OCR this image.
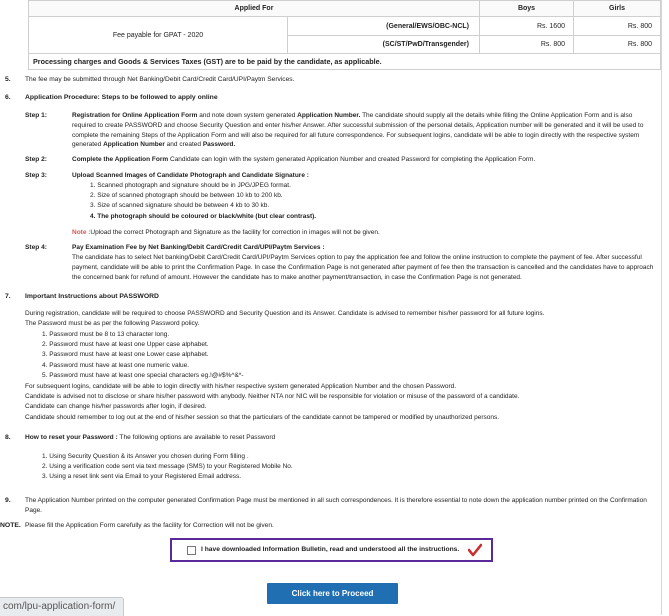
Applied For		Boys	Girls
Fee payable for GPAT - 2020	(General/EWS/OBC-NCL)	Rs. 1600	Rs. 800
	(SC/ST/PwD/Transgender)	Rs. 800	Rs. 800
Processing charges and Goods & Services Taxes (GST) are to be paid by the candidate, as applicable.			
5. The fee may be submitted through Net Banking/Debit Card/Credit Card/UPI/Paytm Services.
6. Application Procedure: Steps to be followed to apply online
Step 1:	Registration for Online Application Form and note down system generated Application Number. The candidate should supply all the details while filling the Online Application Form and is also required to create PASSWORD and choose Security Question and enter his/her Answer. After successful submission of the personal details, Application number will be generated and it will be used to complete the remaining Steps of the Application Form and will also be required for all future correspondence. For subsequent logins, candidate will be able to login directly with the respective system generated Application Number and created Password.
Step 2:	Complete the Application Form Candidate can login with the system generated Application Number and created Password for completing the Application Form.
Step 3:	Upload Scanned Images of Candidate Photograph and Candidate Signature :
1. Scanned photograph and signature should be in JPG/JPEG format.
2. Size of scanned photograph should be between 10 kb to 200 kb.
3. Size of scanned signature should be between 4 kb to 30 kb.
4. The photograph should be coloured or black/white (but clear contrast).
Note :Upload the correct Photograph and Signature as the facility for correction in images will not be given.
Step 4:	Pay Examination Fee by Net Banking/Debit Card/Credit Card/UPI/Paytm Services :
The candidate has to select Net banking/Debit Card/Credit Card/UPI/Paytm Services option to pay the application fee and follow the online instruction to complete the payment of fee. After successful payment, candidate will be able to print the Confirmation Page. In case the Confirmation Page is not generated after payment of fee then the transaction is cancelled and the candidates have to approach the concerned bank for refund of amount. However the candidate has to make another payment/transaction, in case the Confirmation Page is not generated.
7. Important Instructions about PASSWORD
During registration, candidate will be required to choose PASSWORD and Security Question and its Answer. Candidate is advised to remember his/her password for all future logins.
The Password must be as per the following Password policy.
1. Password must be 8 to 13 character long.
2. Password must have at least one Upper case alphabet.
3. Password must have at least one Lower case alphabet.
4. Password must have at least one numeric value.
5. Password must have at least one special characters eg.!@#$%^&*-
For subsequent logins, candidate will be able to login directly with his/her respective system generated Application Number and the chosen Password.
Candidate is advised not to disclose or share his/her password with anybody. Neither NTA nor NIC will be responsible for violation or misuse of the password of a candidate.
Candidate can change his/her passwords after login, if desired.
Candidate should remember to log out at the end of his/her session so that the particulars of the candidate cannot be tampered or modified by unauthorized persons.
8. How to reset your Password : The following options are available to reset Password
1. Using Security Question & its Answer you chosen during Form filling .
2. Using a verification code sent via text message (SMS) to your Registered Mobile No.
3. Using a reset link sent via Email to your Registered Email address.
9. The Application Number printed on the computer generated Confirmation Page must be mentioned in all such correspondences. It is therefore essential to note down the application number printed on the Confirmation Page.
NOTE. Please fill the Application Form carefully as the facility for Correction will not be given.
I have downloaded Information Bulletin, read and understood all the instructions.
Click here to Proceed
com/lpu-application-form/
